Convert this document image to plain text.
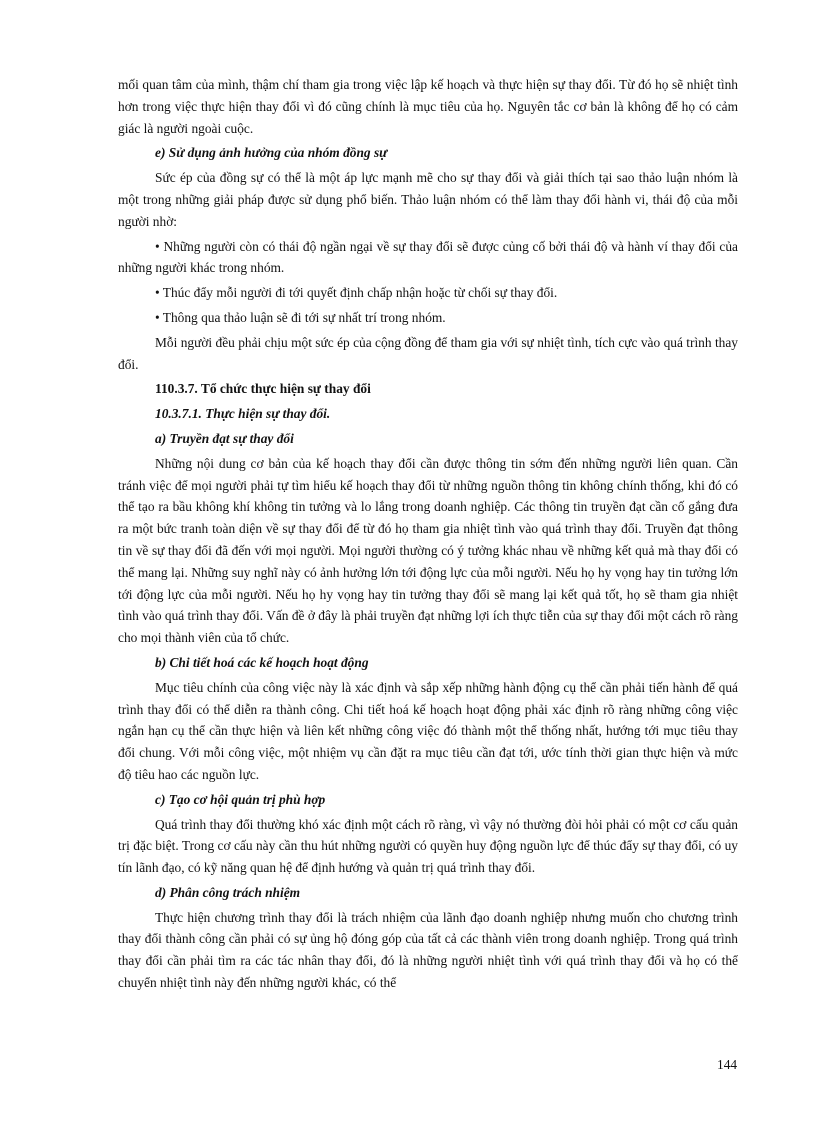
mối quan tâm của mình, thậm chí tham gia trong việc lập kế hoạch và thực hiện sự thay đổi. Từ đó họ sẽ nhiệt tình hơn trong việc thực hiện thay đổi vì đó cũng chính là mục tiêu của họ. Nguyên tắc cơ bản là không để họ có cảm giác là người ngoài cuộc.

e) Sử dụng ảnh hưởng của nhóm đồng sự

Sức ép của đồng sự có thể là một áp lực mạnh mẽ cho sự thay đổi và giải thích tại sao thảo luận nhóm là một trong những giải pháp được sử dụng phổ biến. Thảo luận nhóm có thể làm thay đổi hành vi, thái độ của mỗi người nhờ:

• Những người còn có thái độ ngần ngại về sự thay đổi sẽ được củng cố bởi thái độ và hành ví thay đổi của những người khác trong nhóm.

• Thúc đẩy mỗi người đi tới quyết định chấp nhận hoặc từ chối sự thay đổi.

• Thông qua thảo luận sẽ đi tới sự nhất trí trong nhóm.

Mỗi người đều phải chịu một sức ép của cộng đồng để tham gia với sự nhiệt tình, tích cực vào quá trình thay đổi.

110.3.7. Tổ chức thực hiện sự thay đổi

10.3.7.1. Thực hiện sự thay đổi.

a) Truyền đạt sự thay đổi

Những nội dung cơ bản của kế hoạch thay đổi cần được thông tin sớm đến những người liên quan. Cần tránh việc để mọi người phải tự tìm hiểu kế hoạch thay đổi từ những nguồn thông tin không chính thống, khi đó có thể tạo ra bầu không khí không tin tưởng và lo lắng trong doanh nghiệp. Các thông tin truyền đạt cần cố gắng đưa ra một bức tranh toàn diện về sự thay đổi để từ đó họ tham gia nhiệt tình vào quá trình thay đổi. Truyền đạt thông tin về sự thay đổi đã đến với mọi người. Mọi người thường có ý tưởng khác nhau về những kết quả mà thay đổi có thể mang lại. Những suy nghĩ này có ảnh hưởng lớn tới động lực của mỗi người. Nếu họ hy vọng hay tin tưởng lớn tới động lực của mỗi người. Nếu họ hy vọng hay tin tưởng thay đổi sẽ mang lại kết quả tốt, họ sẽ tham gia nhiệt tình vào quá trình thay đổi. Vấn đề ở đây là phải truyền đạt những lợi ích thực tiễn của sự thay đổi một cách rõ ràng cho mọi thành viên của tổ chức.

b) Chi tiết hoá các kế hoạch hoạt động

Mục tiêu chính của công việc này là xác định và sắp xếp những hành động cụ thể cần phải tiến hành để quá trình thay đổi có thể diễn ra thành công. Chi tiết hoá kế hoạch hoạt động phải xác định rõ ràng những công việc ngắn hạn cụ thể cần thực hiện và liên kết những công việc đó thành một thể thống nhất, hướng tới mục tiêu thay đổi chung. Với mỗi công việc, một nhiệm vụ cần đặt ra mục tiêu cần đạt tới, ước tính thời gian thực hiện và mức độ tiêu hao các nguồn lực.

c) Tạo cơ hội quản trị phù hợp

Quá trình thay đổi thường khó xác định một cách rõ ràng, vì vậy nó thường đòi hỏi phải có một cơ cấu quản trị đặc biệt. Trong cơ cấu này cần thu hút những người có quyền huy động nguồn lực để thúc đẩy sự thay đổi, có uy tín lãnh đạo, có kỹ năng quan hệ để định hướng và quản trị quá trình thay đổi.

d) Phân công trách nhiệm

Thực hiện chương trình thay đổi là trách nhiệm của lãnh đạo doanh nghiệp nhưng muốn cho chương trình thay đổi thành công cần phải có sự ủng hộ đóng góp của tất cả các thành viên trong doanh nghiệp. Trong quá trình thay đổi cần phải tìm ra các tác nhân thay đổi, đó là những người nhiệt tình với quá trình thay đổi và họ có thể chuyển nhiệt tình này đến những người khác, có thể

144
